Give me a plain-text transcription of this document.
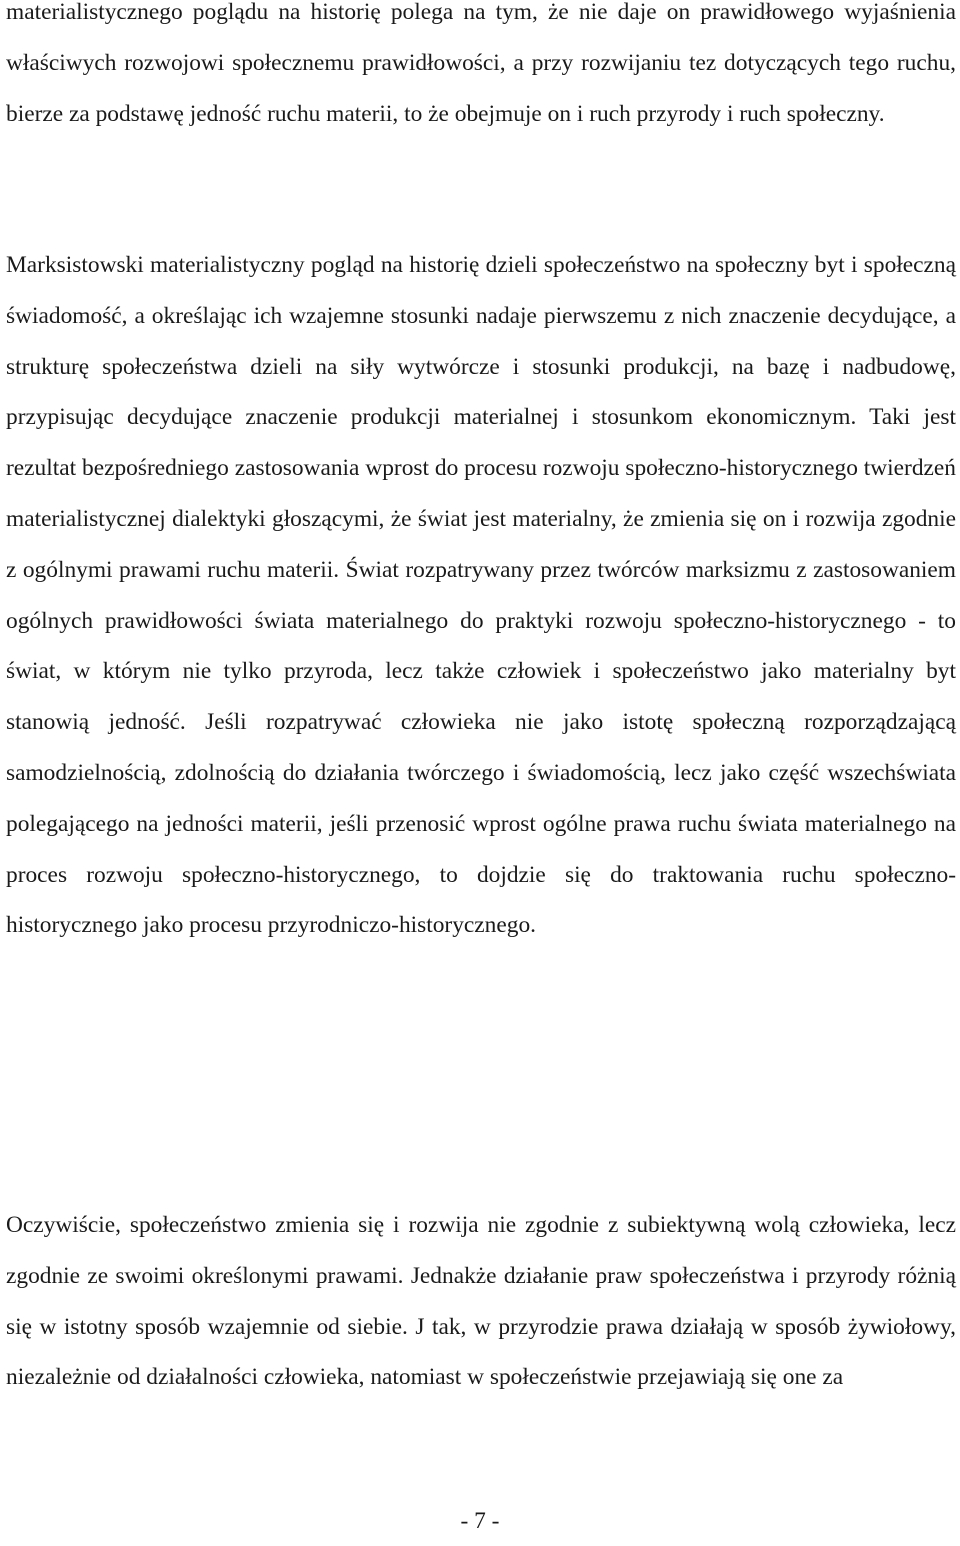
materialistycznego poglądu na historię polega na tym, że nie daje on prawidłowego wyjaśnienia właściwych rozwojowi społecznemu prawidłowości, a przy rozwijaniu tez dotyczących tego ruchu, bierze za podstawę jedność ruchu materii, to że obejmuje on i ruch przyrody i ruch społeczny.

Marksistowski materialistyczny pogląd na historię dzieli społeczeństwo na społeczny byt i społeczną świadomość, a określając ich wzajemne stosunki nadaje pierwszemu z nich znaczenie decydujące, a strukturę społeczeństwa dzieli na siły wytwórcze i stosunki produkcji, na bazę i nadbudowę, przypisując decydujące znaczenie produkcji materialnej i stosunkom ekonomicznym. Taki jest rezultat bezpośredniego zastosowania wprost do procesu rozwoju społeczno-historycznego twierdzeń materialistycznej dialektyki głoszącymi, że świat jest materialny, że zmienia się on i rozwija zgodnie z ogólnymi prawami ruchu materii. Świat rozpatrywany przez twórców marksizmu z zastosowaniem ogólnych prawidłowości świata materialnego do praktyki rozwoju społeczno-historycznego - to świat, w którym nie tylko przyroda, lecz także człowiek i społeczeństwo jako materialny byt stanowią jedność. Jeśli rozpatrywać człowieka nie jako istotę społeczną rozporządzającą samodzielnością, zdolnością do działania twórczego i świadomością, lecz jako część wszechświata polegającego na jedności materii, jeśli przenosić wprost ogólne prawa ruchu świata materialnego na proces rozwoju społeczno-historycznego, to dojdzie się do traktowania ruchu społeczno-historycznego jako procesu przyrodniczo-historycznego.

Oczywiście, społeczeństwo zmienia się i rozwija nie zgodnie z subiektywną wolą człowieka, lecz zgodnie ze swoimi określonymi prawami. Jednakże działanie praw społeczeństwa i przyrody różnią się w istotny sposób wzajemnie od siebie. J tak, w przyrodzie prawa działają w sposób żywiołowy, niezależnie od działalności człowieka, natomiast w społeczeństwie przejawiają się one za

- 7 -
